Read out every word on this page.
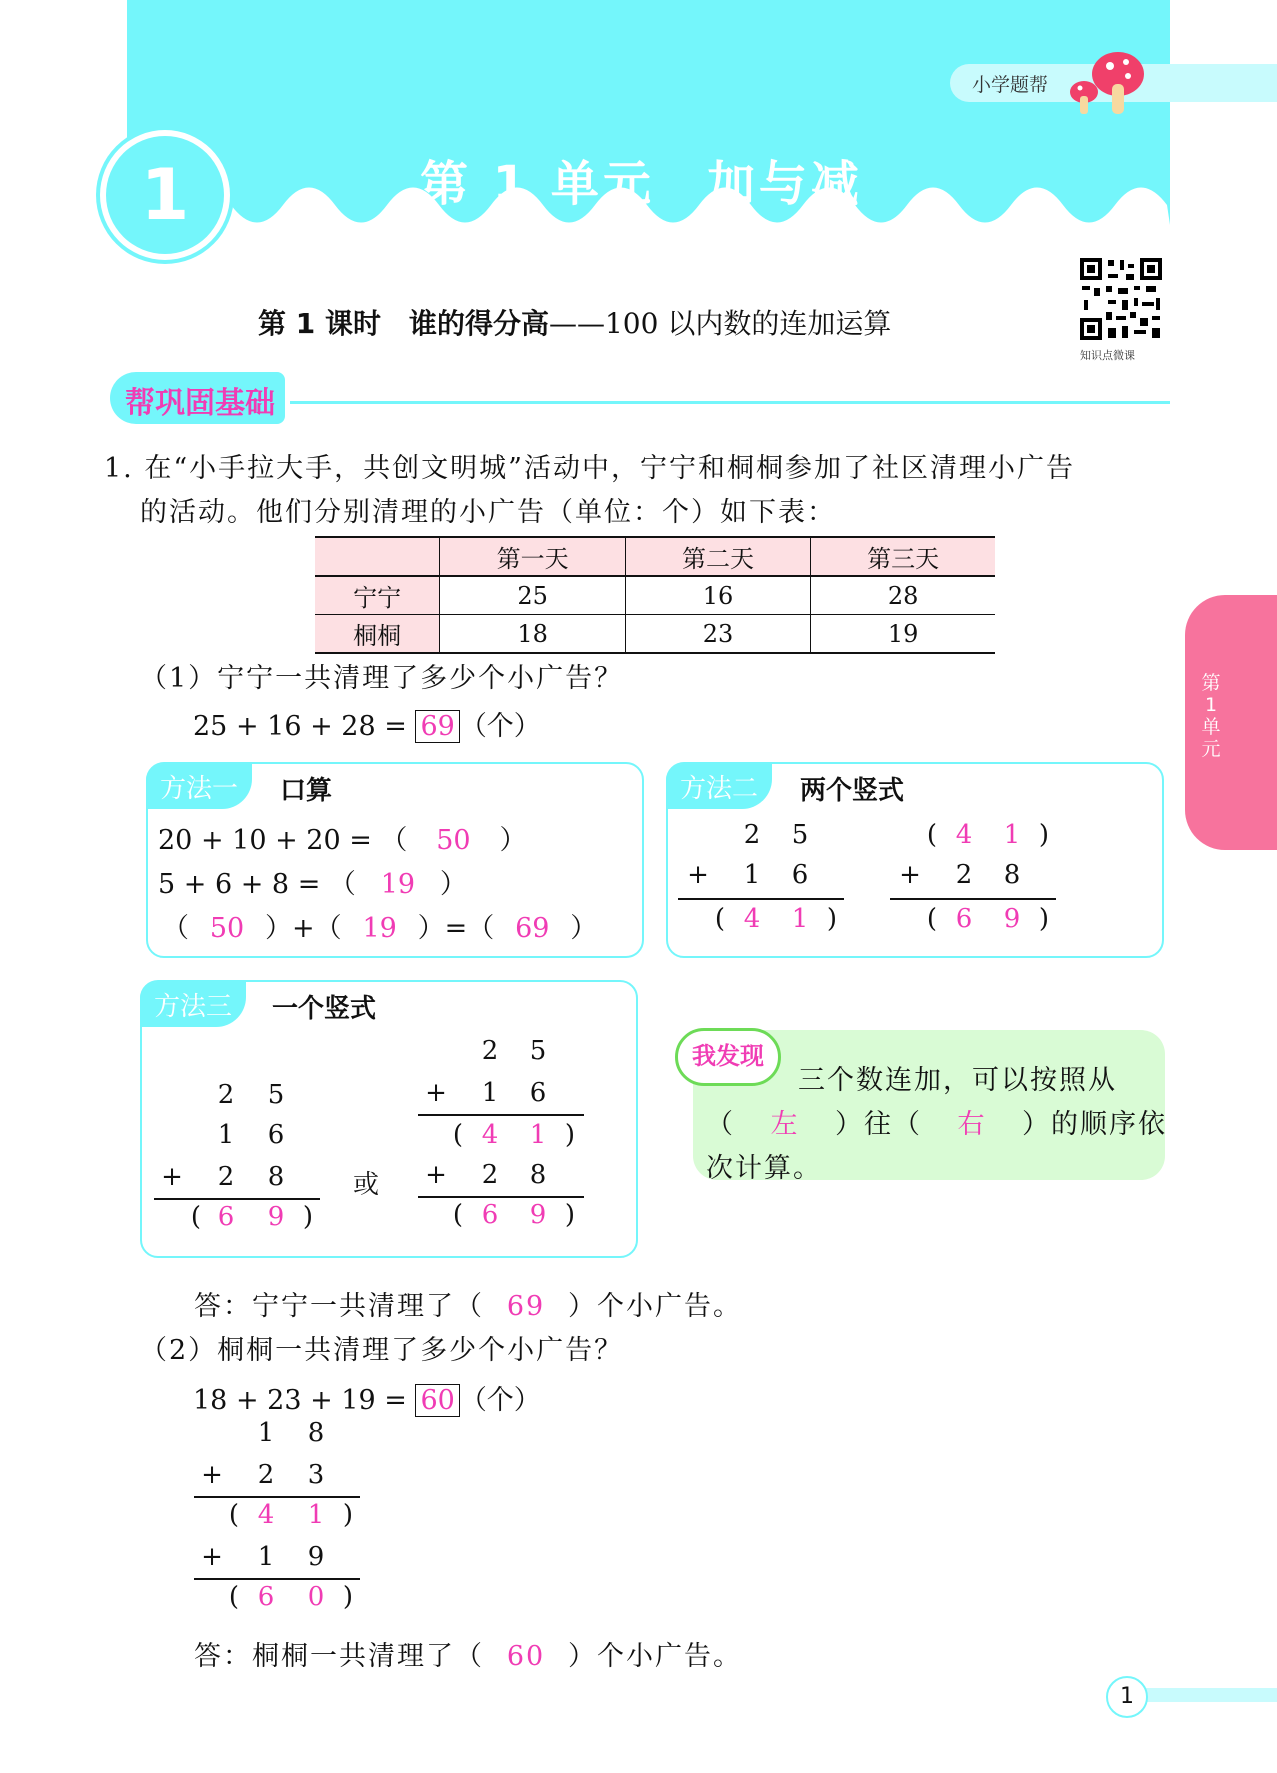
小学题帮
1	第 1 单元　加与减
第 1 课时　谁的得分高——100 以内数的连加运算
知识点微课
帮巩固基础
1. 在“小手拉大手，共创文明城”活动中，宁宁和桐桐参加了社区清理小广告
的活动。他们分别清理的小广告（单位：个）如下表：
	第一天	第二天	第三天
宁宁	25	16	28
桐桐	18	23	19
（1）宁宁一共清理了多少个小广告？
25 + 16 + 28 = 69 （个）
方法一	口算
20 + 10 + 20 = （ 50 ）
5 + 6 + 8 = （ 19 ）
（ 50 ）+（ 19 ）=（ 69 ）
方法二	两个竖式
2	5
+	1	6
( 4	1 )
( 4	1 )
+	2	8
( 6	9 )
方法三	一个竖式
2	5
1	6
+	2	8
( 6	9 )
或
2	5
+	1	6
( 4	1 )
+	2	8
( 6	9 )
我发现
三个数连加，可以按照从
（ 左 ）往（ 右 ）的顺序依
次计算。
答：宁宁一共清理了（ 69 ）个小广告。
（2）桐桐一共清理了多少个小广告？
18 + 23 + 19 = 60 （个）
1	8
+	2	3
( 4	1 )
+	1	9
( 6	0 )
答：桐桐一共清理了（ 60 ）个小广告。
第1单元
1
